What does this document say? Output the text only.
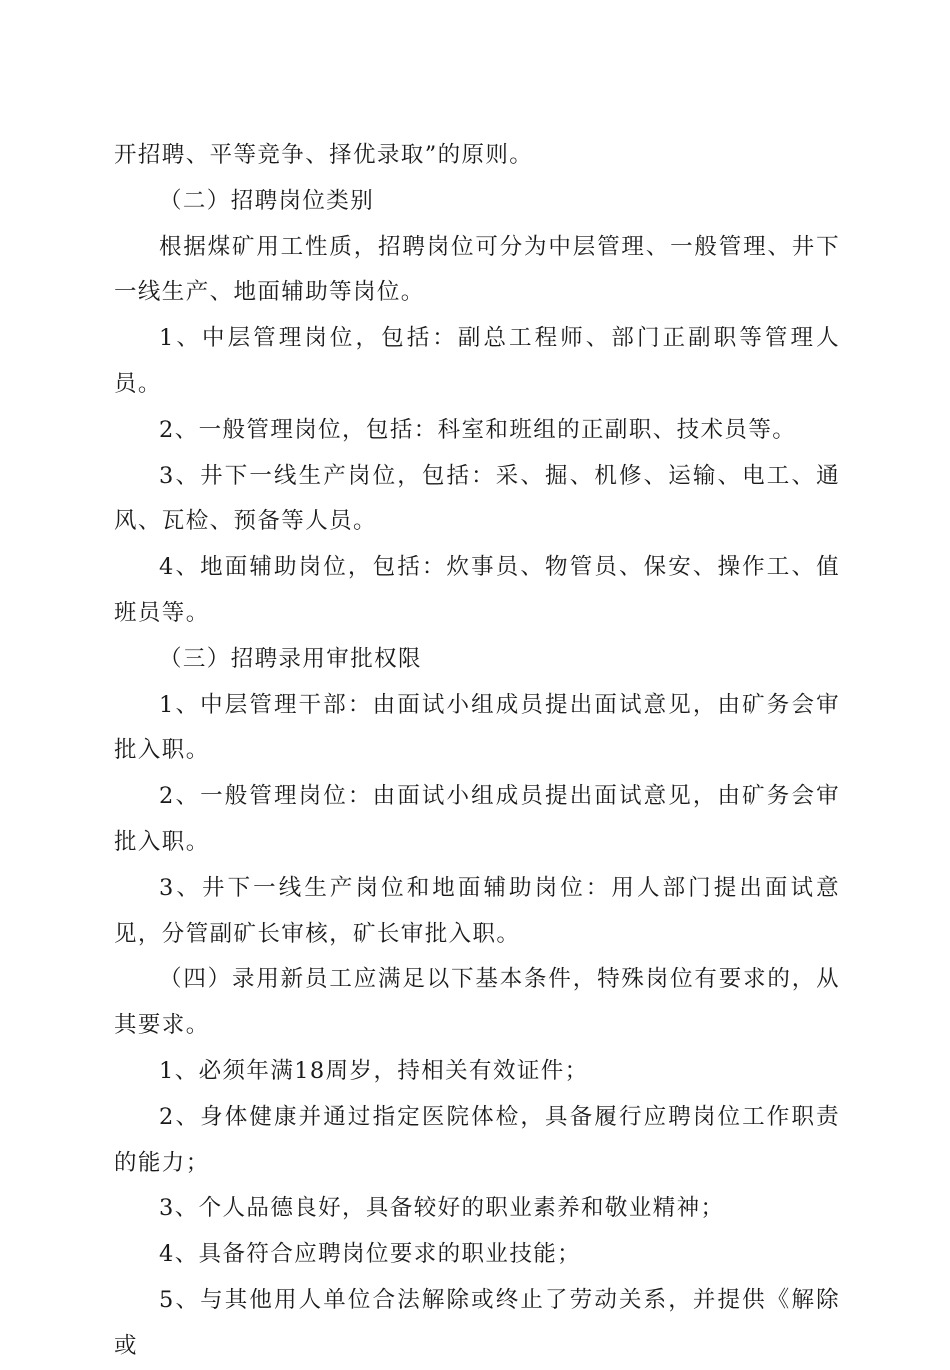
开招聘、平等竞争、择优录取”的原则。

（二）招聘岗位类别

根据煤矿用工性质，招聘岗位可分为中层管理、一般管理、井下一线生产、地面辅助等岗位。

1、中层管理岗位，包括：副总工程师、部门正副职等管理人员。

2、一般管理岗位，包括：科室和班组的正副职、技术员等。

3、井下一线生产岗位，包括：采、掘、机修、运输、电工、通风、瓦检、预备等人员。

4、地面辅助岗位，包括：炊事员、物管员、保安、操作工、值班员等。

（三）招聘录用审批权限

1、中层管理干部：由面试小组成员提出面试意见，由矿务会审批入职。

2、一般管理岗位：由面试小组成员提出面试意见，由矿务会审批入职。

3、井下一线生产岗位和地面辅助岗位：用人部门提出面试意见，分管副矿长审核，矿长审批入职。

（四）录用新员工应满足以下基本条件，特殊岗位有要求的，从其要求。

1、必须年满18周岁，持相关有效证件；

2、身体健康并通过指定医院体检，具备履行应聘岗位工作职责的能力；

3、个人品德良好，具备较好的职业素养和敬业精神；

4、具备符合应聘岗位要求的职业技能；

5、与其他用人单位合法解除或终止了劳动关系，并提供《解除或
